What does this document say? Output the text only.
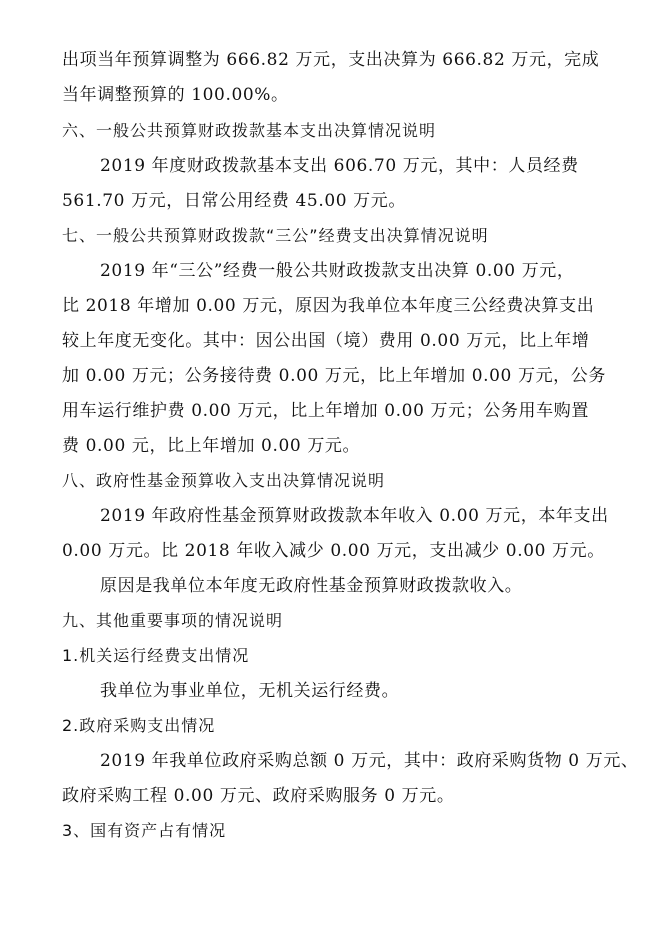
出项当年预算调整为 666.82 万元，支出决算为 666.82 万元，完成
当年调整预算的 100.00%。
六、一般公共预算财政拨款基本支出决算情况说明
2019 年度财政拨款基本支出 606.70 万元，其中：人员经费
561.70 万元，日常公用经费 45.00 万元。
七、一般公共预算财政拨款“三公”经费支出决算情况说明
2019 年“三公”经费一般公共财政拨款支出决算 0.00 万元，
比 2018 年增加 0.00 万元，原因为我单位本年度三公经费决算支出
较上年度无变化。其中：因公出国（境）费用 0.00 万元，比上年增
加 0.00 万元；公务接待费 0.00 万元，比上年增加 0.00 万元，公务
用车运行维护费 0.00 万元，比上年增加 0.00 万元；公务用车购置
费 0.00 元，比上年增加 0.00 万元。
八、政府性基金预算收入支出决算情况说明
2019 年政府性基金预算财政拨款本年收入 0.00 万元，本年支出
0.00 万元。比 2018 年收入减少 0.00 万元，支出减少 0.00 万元。
原因是我单位本年度无政府性基金预算财政拨款收入。
九、其他重要事项的情况说明
1.机关运行经费支出情况
我单位为事业单位，无机关运行经费。
2.政府采购支出情况
2019 年我单位政府采购总额 0 万元，其中：政府采购货物 0 万元、
政府采购工程 0.00 万元、政府采购服务 0 万元。
3、国有资产占有情况
